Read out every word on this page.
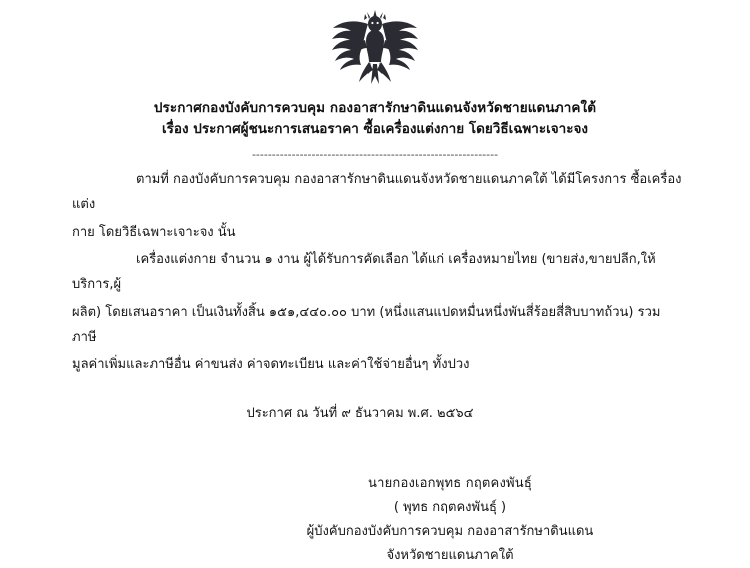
ประกาศกองบังคับการควบคุม กองอาสารักษาดินแดนจังหวัดชายแดนภาคใต้
เรื่อง ประกาศผู้ชนะการเสนอราคา ซื้อเครื่องแต่งกาย โดยวิธีเฉพาะเจาะจง
--------------------------------------------------------------
ตามที่ กองบังคับการควบคุม กองอาสารักษาดินแดนจังหวัดชายแดนภาคใต้ ได้มีโครงการ ซื้อเครื่องแต่ง
กาย โดยวิธีเฉพาะเจาะจง นั้น
เครื่องแต่งกาย จำนวน ๑ งาน ผู้ได้รับการคัดเลือก ได้แก่ เครื่องหมายไทย (ขายส่ง,ขายปลีก,ให้บริการ,ผู้
ผลิต) โดยเสนอราคา เป็นเงินทั้งสิ้น ๑๕๑,๔๔๐.๐๐ บาท (หนึ่งแสนแปดหมื่นหนึ่งพันสี่ร้อยสี่สิบบาทถ้วน) รวมภาษี
มูลค่าเพิ่มและภาษีอื่น ค่าขนส่ง ค่าจดทะเบียน และค่าใช้จ่ายอื่นๆ ทั้งปวง
ประกาศ ณ วันที่ ๙ ธันวาคม พ.ศ. ๒๕๖๔
นายกองเอกพุทธ กฤตคงพันธุ์
( พุทธ กฤตคงพันธุ์ )
ผู้บังคับกองบังคับการควบคุม กองอาสารักษาดินแดน
จังหวัดชายแดนภาคใต้
